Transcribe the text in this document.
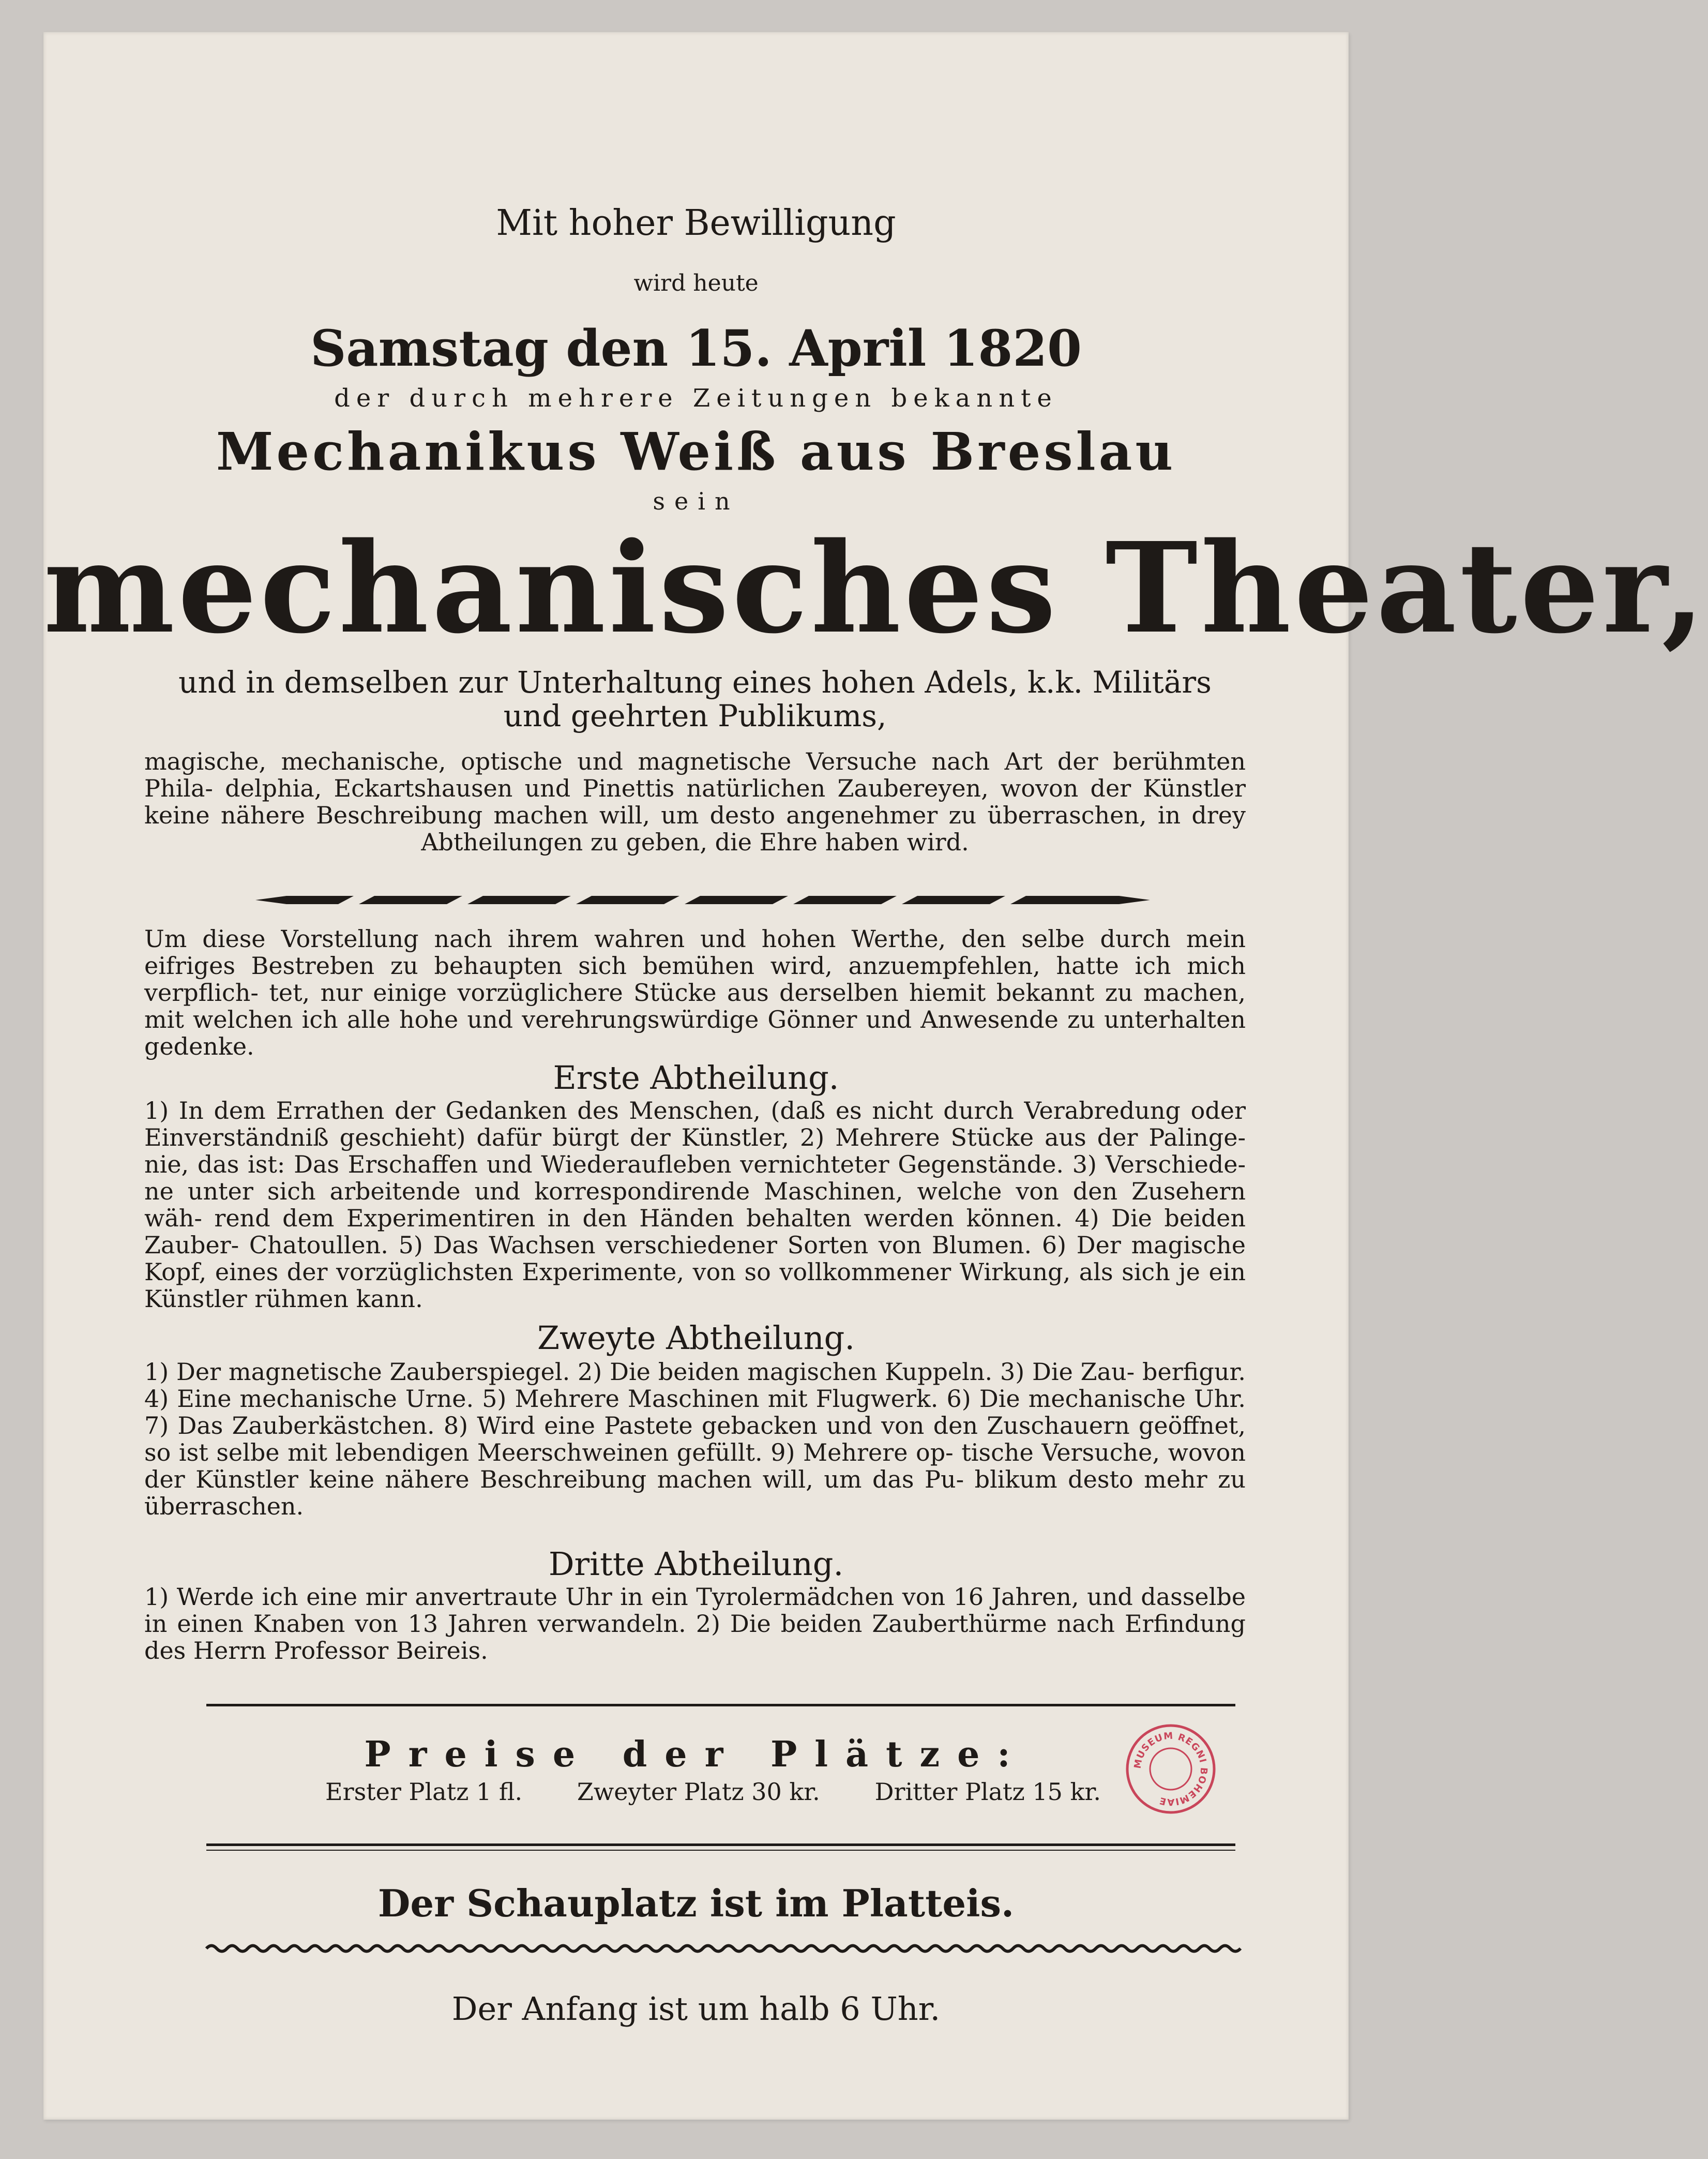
Mit hoher Bewilligung
wird heute
Samstag den 15. April 1820
der durch mehrere Zeitungen bekannte
Mechanikus Weiß aus Breslau
sein
mechanisches Theater,
und in demselben zur Unterhaltung eines hohen Adels, k.k. Militärs
und geehrten Publikums,
magische, mechanische, optische und magnetische Versuche nach Art der berühmten Phila- delphia, Eckartshausen und Pinettis natürlichen Zaubereyen, wovon der Künstler keine nähere Beschreibung machen will, um desto angenehmer zu überraschen, in drey Abtheilungen zu geben, die Ehre haben wird.
Um diese Vorstellung nach ihrem wahren und hohen Werthe, den selbe durch mein eifriges Bestreben zu behaupten sich bemühen wird, anzuempfehlen, hatte ich mich verpflich- tet, nur einige vorzüglichere Stücke aus derselben hiemit bekannt zu machen, mit welchen ich alle hohe und verehrungswürdige Gönner und Anwesende zu unterhalten gedenke.
Erste Abtheilung.
1) In dem Errathen der Gedanken des Menschen, (daß es nicht durch Verabredung oder Einverständniß geschieht) dafür bürgt der Künstler, 2) Mehrere Stücke aus der Palinge- nie, das ist: Das Erschaffen und Wiederaufleben vernichteter Gegenstände. 3) Verschiede- ne unter sich arbeitende und korrespondirende Maschinen, welche von den Zusehern wäh- rend dem Experimentiren in den Händen behalten werden können. 4) Die beiden Zauber- Chatoullen. 5) Das Wachsen verschiedener Sorten von Blumen. 6) Der magische Kopf, eines der vorzüglichsten Experimente, von so vollkommener Wirkung, als sich je ein Künstler rühmen kann.
Zweyte Abtheilung.
1) Der magnetische Zauberspiegel. 2) Die beiden magischen Kuppeln. 3) Die Zau- berfigur. 4) Eine mechanische Urne. 5) Mehrere Maschinen mit Flugwerk. 6) Die mechanische Uhr. 7) Das Zauberkästchen. 8) Wird eine Pastete gebacken und von den Zuschauern geöffnet, so ist selbe mit lebendigen Meerschweinen gefüllt. 9) Mehrere op- tische Versuche, wovon der Künstler keine nähere Beschreibung machen will, um das Pu- blikum desto mehr zu überraschen.
Dritte Abtheilung.
1) Werde ich eine mir anvertraute Uhr in ein Tyrolermädchen von 16 Jahren, und dasselbe in einen Knaben von 13 Jahren verwandeln. 2) Die beiden Zauberthürme nach Erfindung des Herrn Professor Beireis.
Preise der Plätze:
Erster Platz 1 fl. Zweyter Platz 30 kr. Dritter Platz 15 kr.
MUSEUM REGNI BOHEMIAE
Der Schauplatz ist im Platteis.
Der Anfang ist um halb 6 Uhr.
